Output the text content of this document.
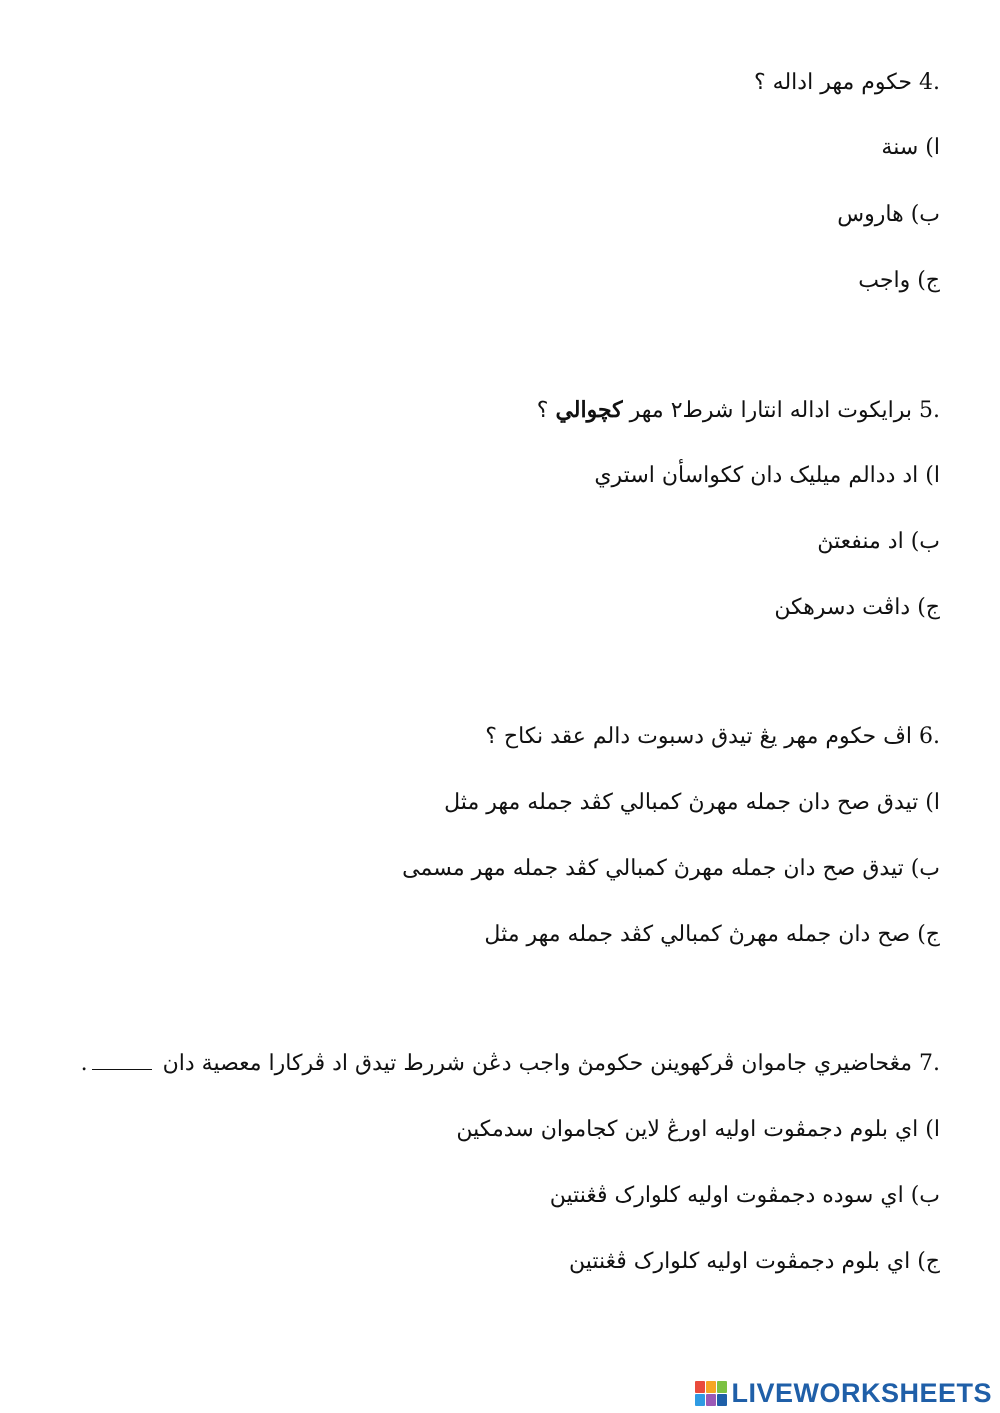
4. حکوم مهر اداله ؟
ا) سنة
ب) هاروس
ج) واجب
5. برايکوت اداله انتارا شرط٢ مهر کچوالي ؟
ا) اد ددالم ميليک دان ککواسأن استري
ب) اد منفعتڽ
ج) داڤت دسرهکن
6. اڤ حکوم مهر يڠ تيدق دسبوت دالم عقد نکاح ؟
ا) تيدق صح دان جمله مهرڽ کمبالي کڤد جمله مهر مثل
ب) تيدق صح دان جمله مهرڽ کمبالي کڤد جمله مهر مسمى
ج) صح دان جمله مهرڽ کمبالي کڤد جمله مهر مثل
7. مڠحاضيري جاموان ڤرکهوينن حکومڽ واجب دڠن شررط تيدق اد ڤرکارا معصية دان .
ا) اي بلوم دجمڤوت اوليه اورڠ لاين کجاموان سدمکين
ب) اي سوده دجمڤوت اوليه کلوارک ڤڠنتين
ج) اي بلوم دجمڤوت اوليه کلوارک ڤڠنتين
LIVEWORKSHEETS
